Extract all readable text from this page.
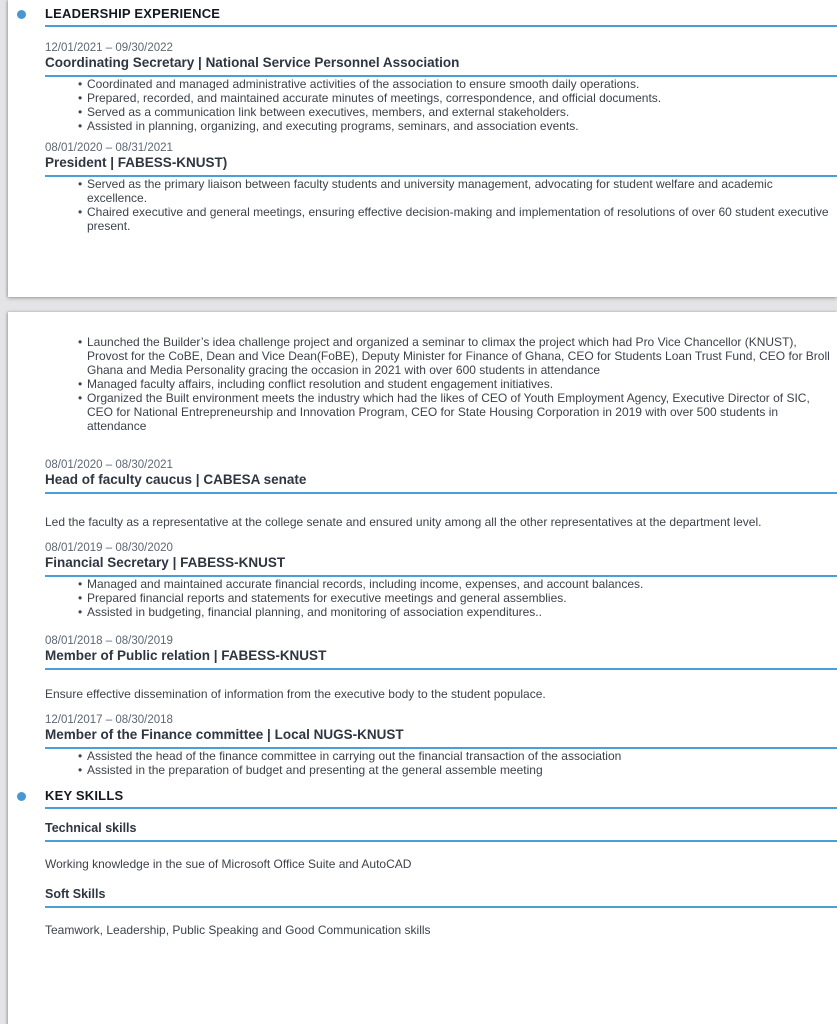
LEADERSHIP EXPERIENCE
12/01/2021 – 09/30/2022
Coordinating Secretary | National Service Personnel Association
• Coordinated and managed administrative activities of the association to ensure smooth daily operations.
• Prepared, recorded, and maintained accurate minutes of meetings, correspondence, and official documents.
• Served as a communication link between executives, members, and external stakeholders.
• Assisted in planning, organizing, and executing programs, seminars, and association events.
08/01/2020 – 08/31/2021
President | FABESS-KNUST)
• Served as the primary liaison between faculty students and university management, advocating for student welfare and academic excellence.
• Chaired executive and general meetings, ensuring effective decision-making and implementation of resolutions of over 60 student executive present.
• Launched the Builder’s idea challenge project and organized a seminar to climax the project which had Pro Vice Chancellor (KNUST), Provost for the CoBE, Dean and Vice Dean(FoBE), Deputy Minister for Finance of Ghana, CEO for Students Loan Trust Fund, CEO for Broll Ghana and Media Personality gracing the occasion in 2021 with over 600 students in attendance
• Managed faculty affairs, including conflict resolution and student engagement initiatives.
• Organized the Built environment meets the industry which had the likes of CEO of Youth Employment Agency, Executive Director of SIC, CEO for National Entrepreneurship and Innovation Program, CEO for State Housing Corporation in 2019 with over 500 students in attendance
08/01/2020 – 08/30/2021
Head of faculty caucus | CABESA senate

Led the faculty as a representative at the college senate and ensured unity among all the other representatives at the department level.

08/01/2019 – 08/30/2020
Financial Secretary | FABESS-KNUST
• Managed and maintained accurate financial records, including income, expenses, and account balances.
• Prepared financial reports and statements for executive meetings and general assemblies.
• Assisted in budgeting, financial planning, and monitoring of association expenditures..
08/01/2018 – 08/30/2019
Member of Public relation | FABESS-KNUST

Ensure effective dissemination of information from the executive body to the student populace.

12/01/2017 – 08/30/2018
Member of the Finance committee | Local NUGS-KNUST
• Assisted the head of the finance committee in carrying out the financial transaction of the association
• Assisted in the preparation of budget and presenting at the general assemble meeting
KEY SKILLS
Technical skills

Working knowledge in the sue of Microsoft Office Suite and AutoCAD

Soft Skills

Teamwork, Leadership, Public Speaking and Good Communication skills
